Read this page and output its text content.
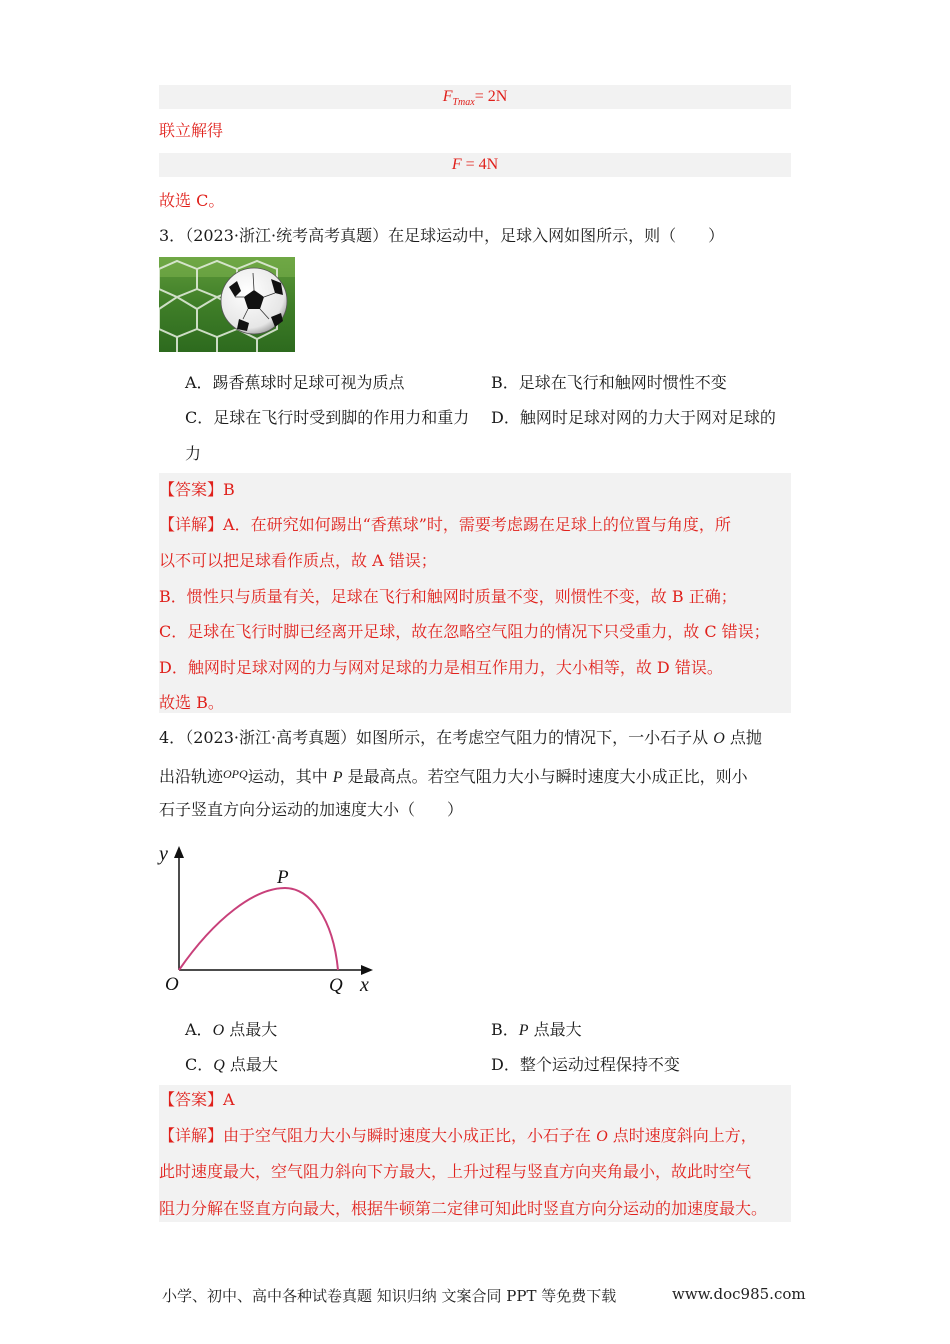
$F_{Tmax}= 2N$
联立解得
F = 4N
故选 C。
3．（2023·浙江·统考高考真题）在足球运动中，足球入网如图所示，则（　　）
A．踢香蕉球时足球可视为质点	B．足球在飞行和触网时惯性不变
C．足球在飞行时受到脚的作用力和重力 D．触网时足球对网的力大于网对足球的
力
【答案】B
【详解】A．在研究如何踢出“香蕉球”时，需要考虑踢在足球上的位置与角度，所
以不可以把足球看作质点，故 A 错误；
B．惯性只与质量有关，足球在飞行和触网时质量不变，则惯性不变，故 B 正确；
C．足球在飞行时脚已经离开足球，故在忽略空气阻力的情况下只受重力，故 C 错误；
D．触网时足球对网的力与网对足球的力是相互作用力，大小相等，故 D 错误。
故选 B。
4．（2023·浙江·高考真题）如图所示，在考虑空气阻力的情况下，一小石子从 O 点抛
出沿轨迹$^{OPQ}$运动，其中 P 是最高点。若空气阻力大小与瞬时速度大小成正比，则小
石子竖直方向分运动的加速度大小（　　）
y
P
O	Q x
A．O 点最大	B．P 点最大
C．Q 点最大	D．整个运动过程保持不变
【答案】A
【详解】由于空气阻力大小与瞬时速度大小成正比，小石子在 O 点时速度斜向上方，
此时速度最大，空气阻力斜向下方最大，上升过程与竖直方向夹角最小，故此时空气
阻力分解在竖直方向最大，根据牛顿第二定律可知此时竖直方向分运动的加速度最大。
小学、初中、高中各种试卷真题 知识归纳 文案合同 PPT 等免费下载	www.doc985.com
